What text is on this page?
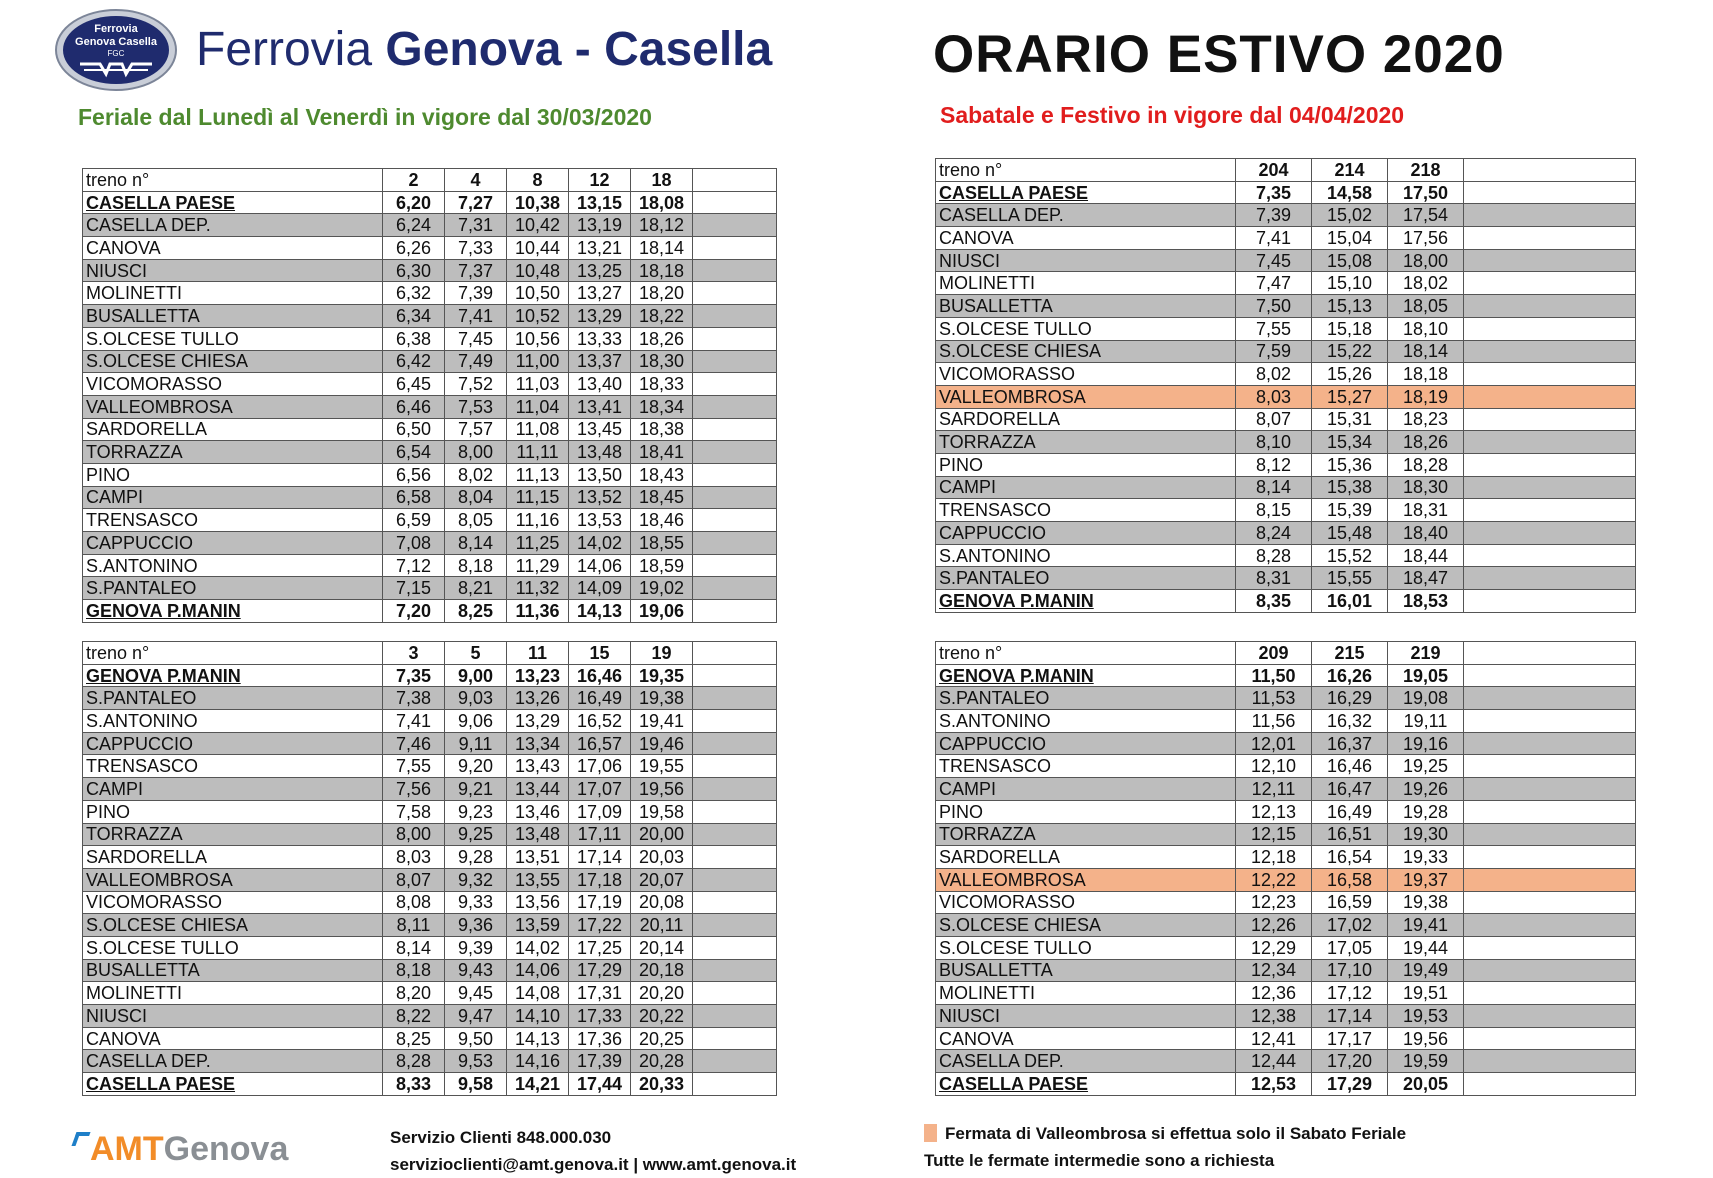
Ferrovia
Genova Casella
FGC Ferrovia Genova - Casella	ORARIO ESTIVO 2020
Feriale dal Lunedì al Venerdì in vigore dal 30/03/2020	Sabatale e Festivo in vigore dal 04/04/2020
treno n°	2	4	8	12	18	
CASELLA PAESE	6,20	7,27	10,38	13,15	18,08	
CASELLA DEP.	6,24	7,31	10,42	13,19	18,12	
CANOVA	6,26	7,33	10,44	13,21	18,14	
NIUSCI	6,30	7,37	10,48	13,25	18,18	
MOLINETTI	6,32	7,39	10,50	13,27	18,20	
BUSALLETTA	6,34	7,41	10,52	13,29	18,22	
S.OLCESE TULLO	6,38	7,45	10,56	13,33	18,26	
S.OLCESE CHIESA	6,42	7,49	11,00	13,37	18,30	
VICOMORASSO	6,45	7,52	11,03	13,40	18,33	
VALLEOMBROSA	6,46	7,53	11,04	13,41	18,34	
SARDORELLA	6,50	7,57	11,08	13,45	18,38	
TORRAZZA	6,54	8,00	11,11	13,48	18,41	
PINO	6,56	8,02	11,13	13,50	18,43	
CAMPI	6,58	8,04	11,15	13,52	18,45	
TRENSASCO	6,59	8,05	11,16	13,53	18,46	
CAPPUCCIO	7,08	8,14	11,25	14,02	18,55	
S.ANTONINO	7,12	8,18	11,29	14,06	18,59	
S.PANTALEO	7,15	8,21	11,32	14,09	19,02	
GENOVA P.MANIN	7,20	8,25	11,36	14,13	19,06	
treno n°	3	5	11	15	19	
GENOVA P.MANIN	7,35	9,00	13,23	16,46	19,35	
S.PANTALEO	7,38	9,03	13,26	16,49	19,38	
S.ANTONINO	7,41	9,06	13,29	16,52	19,41	
CAPPUCCIO	7,46	9,11	13,34	16,57	19,46	
TRENSASCO	7,55	9,20	13,43	17,06	19,55	
CAMPI	7,56	9,21	13,44	17,07	19,56	
PINO	7,58	9,23	13,46	17,09	19,58	
TORRAZZA	8,00	9,25	13,48	17,11	20,00	
SARDORELLA	8,03	9,28	13,51	17,14	20,03	
VALLEOMBROSA	8,07	9,32	13,55	17,18	20,07	
VICOMORASSO	8,08	9,33	13,56	17,19	20,08	
S.OLCESE CHIESA	8,11	9,36	13,59	17,22	20,11	
S.OLCESE TULLO	8,14	9,39	14,02	17,25	20,14	
BUSALLETTA	8,18	9,43	14,06	17,29	20,18	
MOLINETTI	8,20	9,45	14,08	17,31	20,20	
NIUSCI	8,22	9,47	14,10	17,33	20,22	
CANOVA	8,25	9,50	14,13	17,36	20,25	
CASELLA DEP.	8,28	9,53	14,16	17,39	20,28	
CASELLA PAESE	8,33	9,58	14,21	17,44	20,33	
treno n°	204	214	218	
CASELLA PAESE	7,35	14,58	17,50	
CASELLA DEP.	7,39	15,02	17,54	
CANOVA	7,41	15,04	17,56	
NIUSCI	7,45	15,08	18,00	
MOLINETTI	7,47	15,10	18,02	
BUSALLETTA	7,50	15,13	18,05	
S.OLCESE TULLO	7,55	15,18	18,10	
S.OLCESE CHIESA	7,59	15,22	18,14	
VICOMORASSO	8,02	15,26	18,18	
VALLEOMBROSA	8,03	15,27	18,19	
SARDORELLA	8,07	15,31	18,23	
TORRAZZA	8,10	15,34	18,26	
PINO	8,12	15,36	18,28	
CAMPI	8,14	15,38	18,30	
TRENSASCO	8,15	15,39	18,31	
CAPPUCCIO	8,24	15,48	18,40	
S.ANTONINO	8,28	15,52	18,44	
S.PANTALEO	8,31	15,55	18,47	
GENOVA P.MANIN	8,35	16,01	18,53	
treno n°	209	215	219	
GENOVA P.MANIN	11,50	16,26	19,05	
S.PANTALEO	11,53	16,29	19,08	
S.ANTONINO	11,56	16,32	19,11	
CAPPUCCIO	12,01	16,37	19,16	
TRENSASCO	12,10	16,46	19,25	
CAMPI	12,11	16,47	19,26	
PINO	12,13	16,49	19,28	
TORRAZZA	12,15	16,51	19,30	
SARDORELLA	12,18	16,54	19,33	
VALLEOMBROSA	12,22	16,58	19,37	
VICOMORASSO	12,23	16,59	19,38	
S.OLCESE CHIESA	12,26	17,02	19,41	
S.OLCESE TULLO	12,29	17,05	19,44	
BUSALLETTA	12,34	17,10	19,49	
MOLINETTI	12,36	17,12	19,51	
NIUSCI	12,38	17,14	19,53	
CANOVA	12,41	17,17	19,56	
CASELLA DEP.	12,44	17,20	19,59	
CASELLA PAESE	12,53	17,29	20,05	
AMTGenova	Servizio Clienti 848.000.030
servizioclienti@amt.genova.it | www.amt.genova.it
Fermata di Valleombrosa si effettua solo il Sabato Feriale
Tutte le fermate intermedie sono a richiesta
